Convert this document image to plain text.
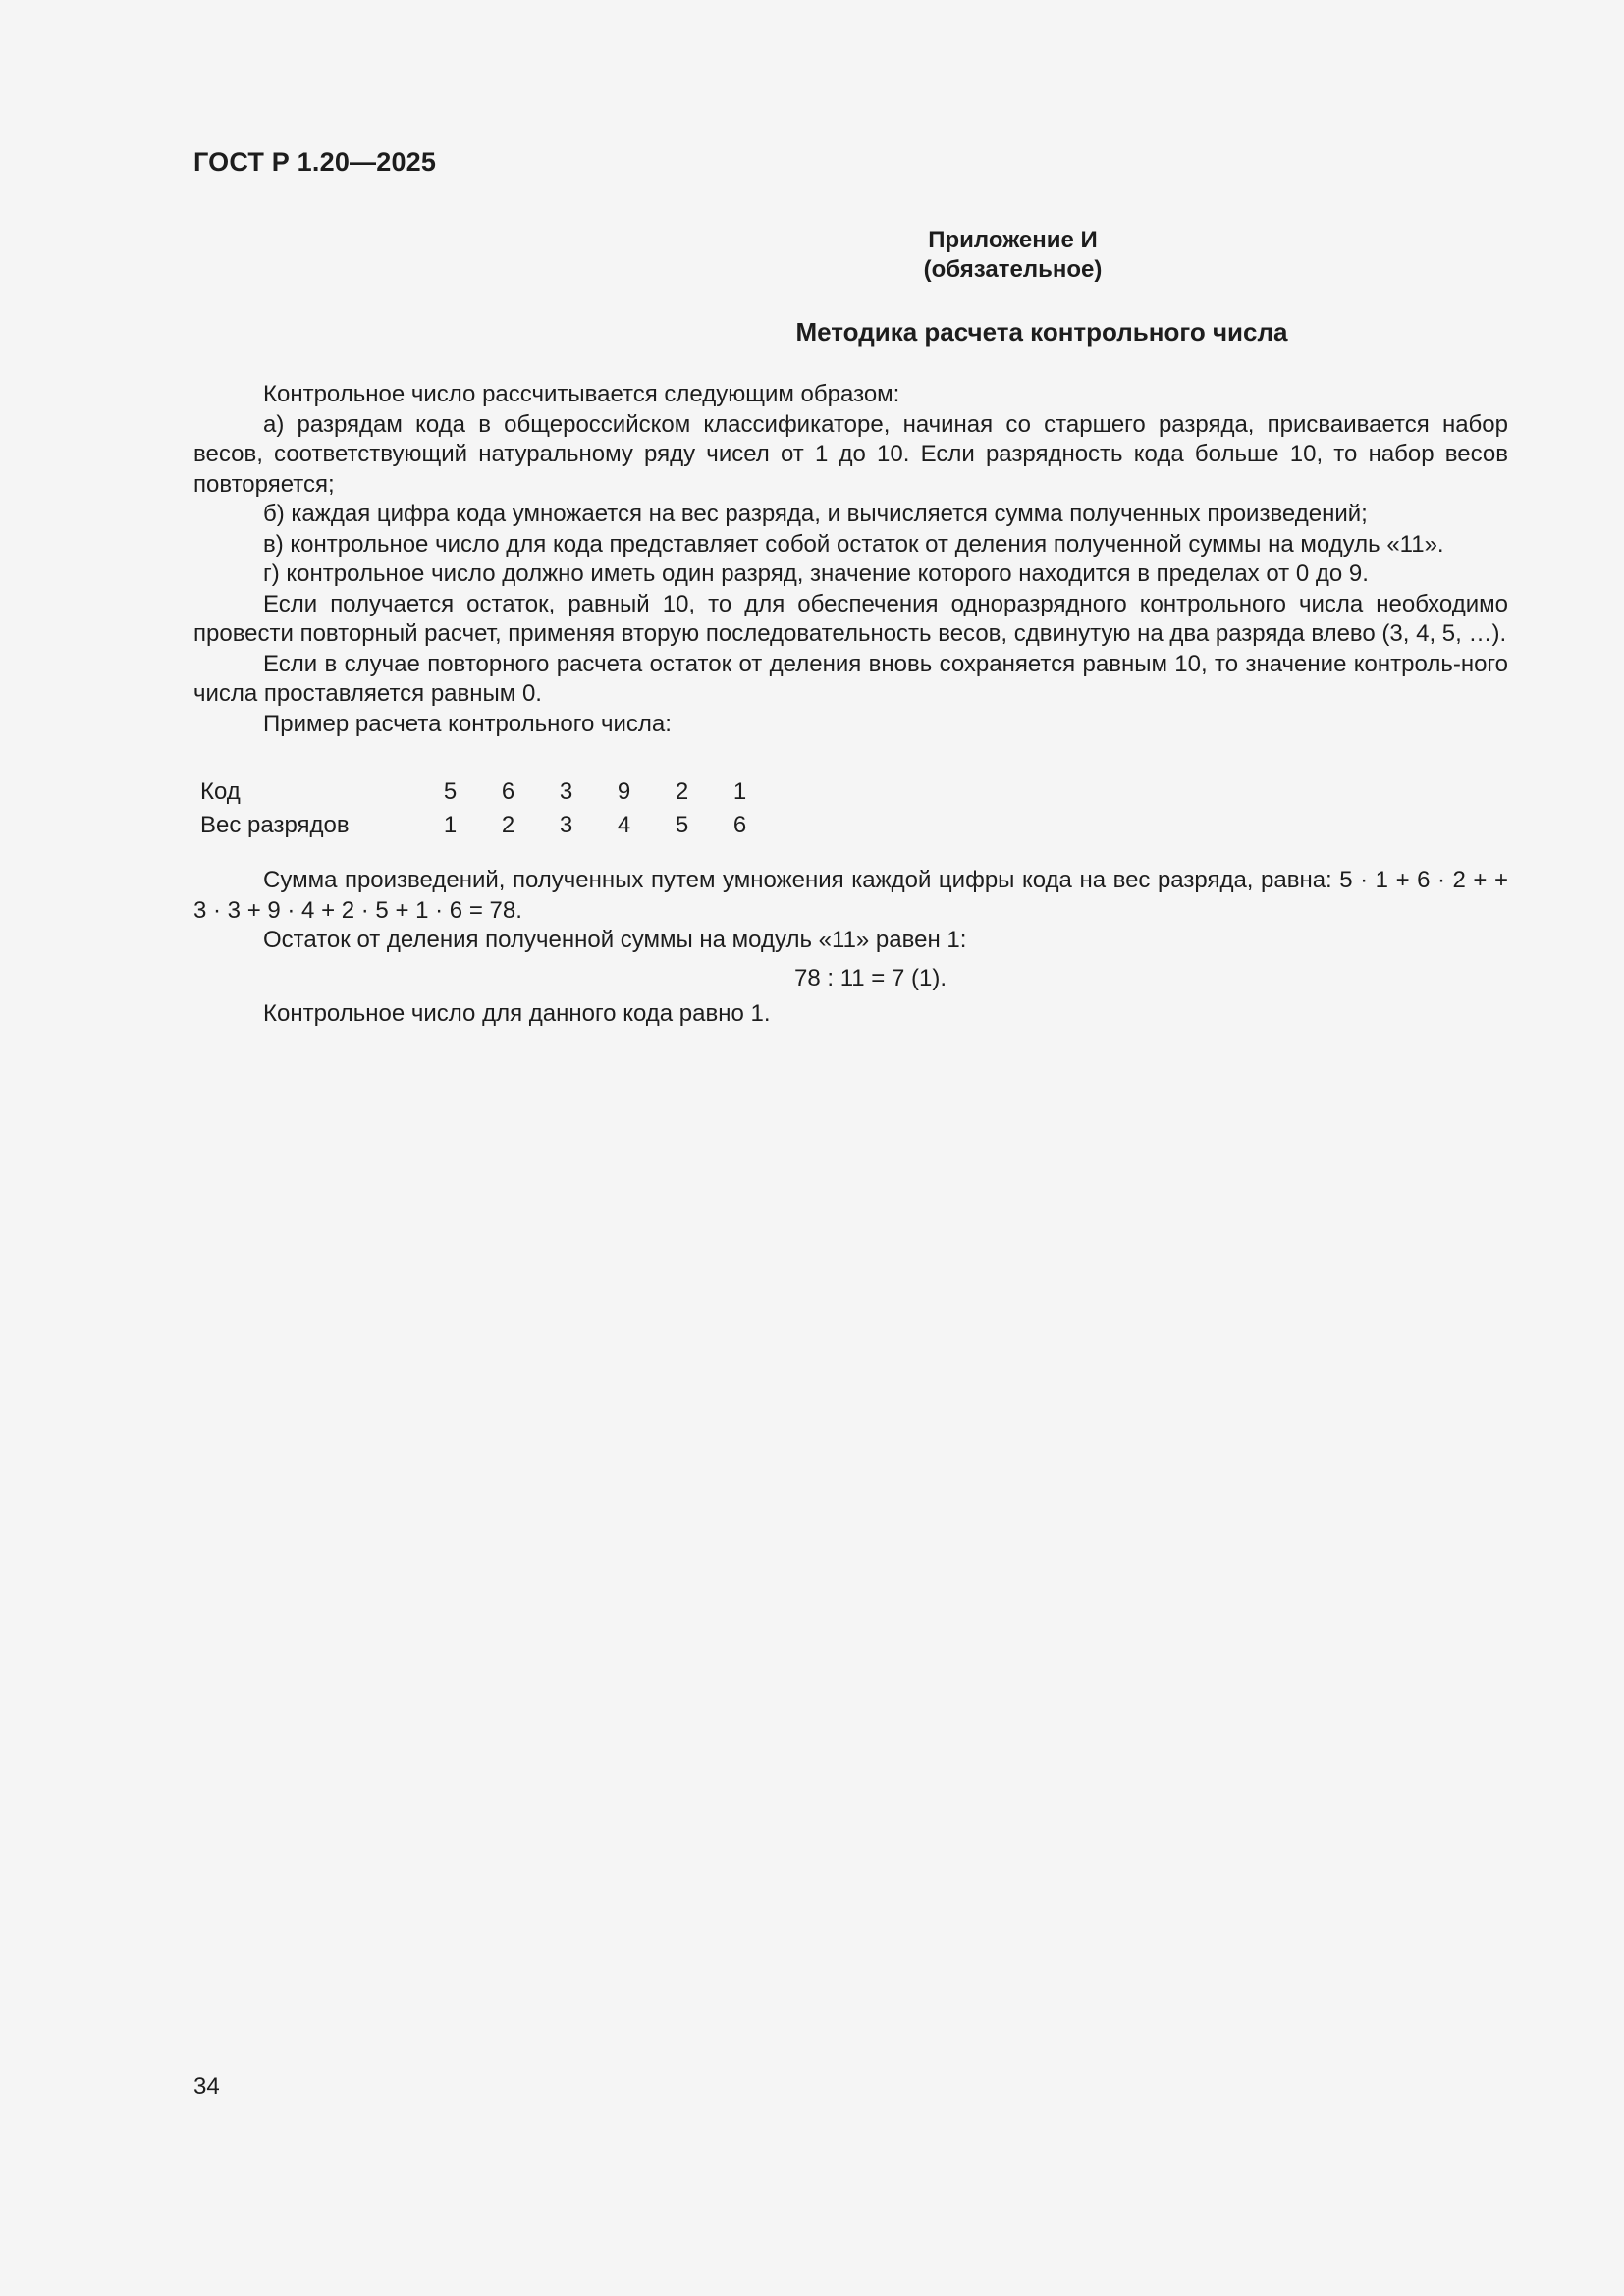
ГОСТ Р 1.20—2025
Приложение И
(обязательное)
Методика расчета контрольного числа

Контрольное число рассчитывается следующим образом:

а) разрядам кода в общероссийском классификаторе, начиная со старшего разряда, присваивается набор весов, соответствующий натуральному ряду чисел от 1 до 10. Если разрядность кода больше 10, то набор весов повторяется;

б) каждая цифра кода умножается на вес разряда, и вычисляется сумма полученных произведений;

в) контрольное число для кода представляет собой остаток от деления полученной суммы на модуль «11».

г) контрольное число должно иметь один разряд, значение которого находится в пределах от 0 до 9.

Если получается остаток, равный 10, то для обеспечения одноразрядного контрольного числа необходимо провести повторный расчет, применяя вторую последовательность весов, сдвинутую на два разряда влево (3, 4, 5, …).

Если в случае повторного расчета остаток от деления вновь сохраняется равным 10, то значение контроль-ного числа проставляется равным 0.

Пример расчета контрольного числа:

Код	5	6	3	9	2	1
Вес разрядов	1	2	3	4	5	6

Сумма произведений, полученных путем умножения каждой цифры кода на вес разряда, равна: 5 · 1 + 6 · 2 + + 3 · 3 + 9 · 4 + 2 · 5 + 1 · 6 = 78.

Остаток от деления полученной суммы на модуль «11» равен 1:

78 : 11 = 7 (1).

Контрольное число для данного кода равно 1.

34
